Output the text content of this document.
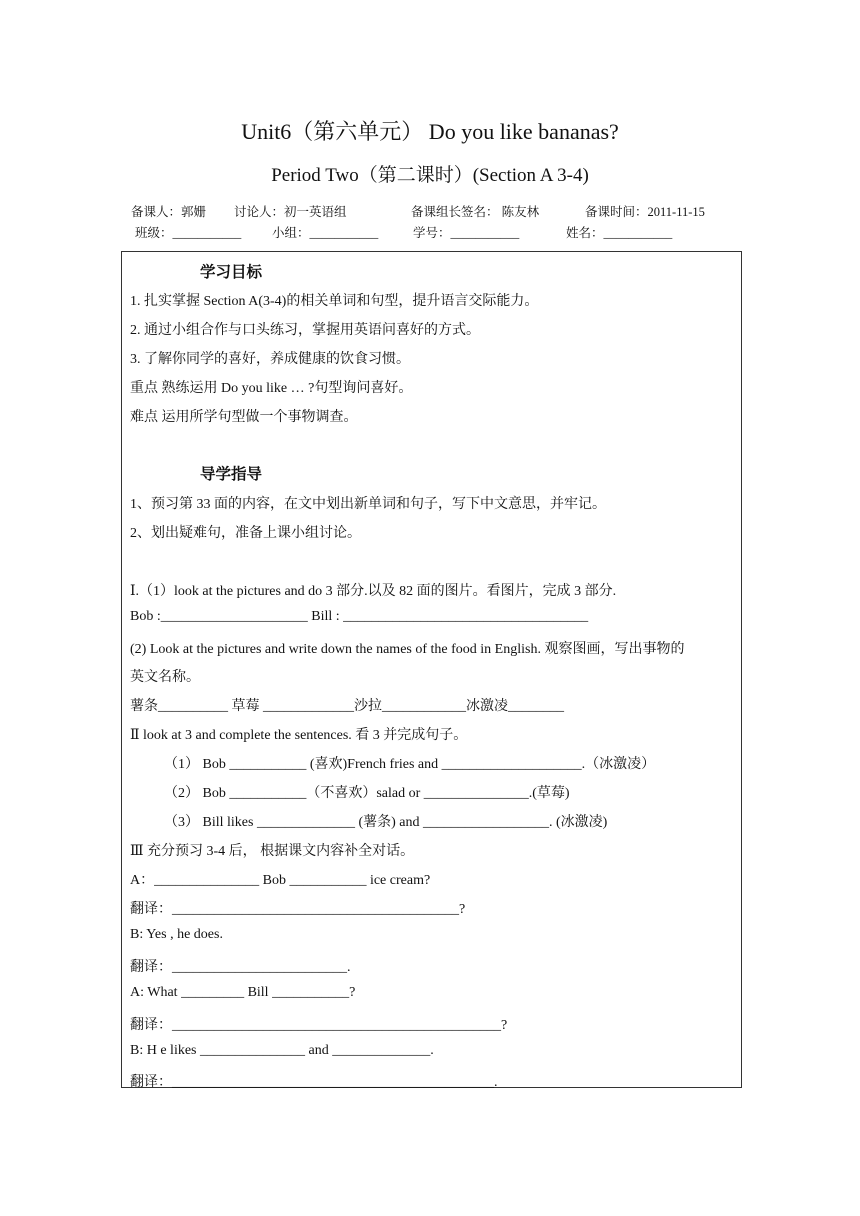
Unit6（第六单元） Do you like bananas?
Period Two（第二课时）(Section A 3-4)
备课人：郭姗 讨论人：初一英语组	备课组长签名： 陈友林	备课时间：2011-11-15
班级：___________ 小组：___________	学号：___________	姓名：___________
学习目标
1. 扎实掌握 Section A(3-4)的相关单词和句型，提升语言交际能力。
2. 通过小组合作与口头练习，掌握用英语问喜好的方式。
3. 了解你同学的喜好，养成健康的饮食习惯。
重点 熟练运用 Do you like … ?句型询问喜好。
难点 运用所学句型做一个事物调查。
导学指导
1、预习第 33 面的内容，在文中划出新单词和句子，写下中文意思，并牢记。
2、划出疑难句，准备上课小组讨论。
Ⅰ.（1）look at the pictures and do 3 部分.以及 82 面的图片。看图片，完成 3 部分.
Bob :_____________________ Bill : ___________________________________
(2) Look at the pictures and write down the names of the food in English. 观察图画，写出事物的
英文名称。
薯条__________ 草莓 _____________沙拉____________冰激凌________
Ⅱ look at 3 and complete the sentences. 看 3 并完成句子。
（1） Bob ___________ (喜欢)French fries and ____________________.（冰激凌）
（2） Bob ___________（不喜欢）salad or _______________.(草莓)
（3） Bill likes ______________ (薯条) and __________________. (冰激凌)
Ⅲ 充分预习 3-4 后， 根据课文内容补全对话。
A：_______________ Bob ___________ ice cream?
翻译：_________________________________________?
B: Yes , he does.
翻译：_________________________.
A: What _________ Bill ___________?
翻译：_______________________________________________?
B: H e likes _______________ and ______________.
翻译：______________________________________________.
